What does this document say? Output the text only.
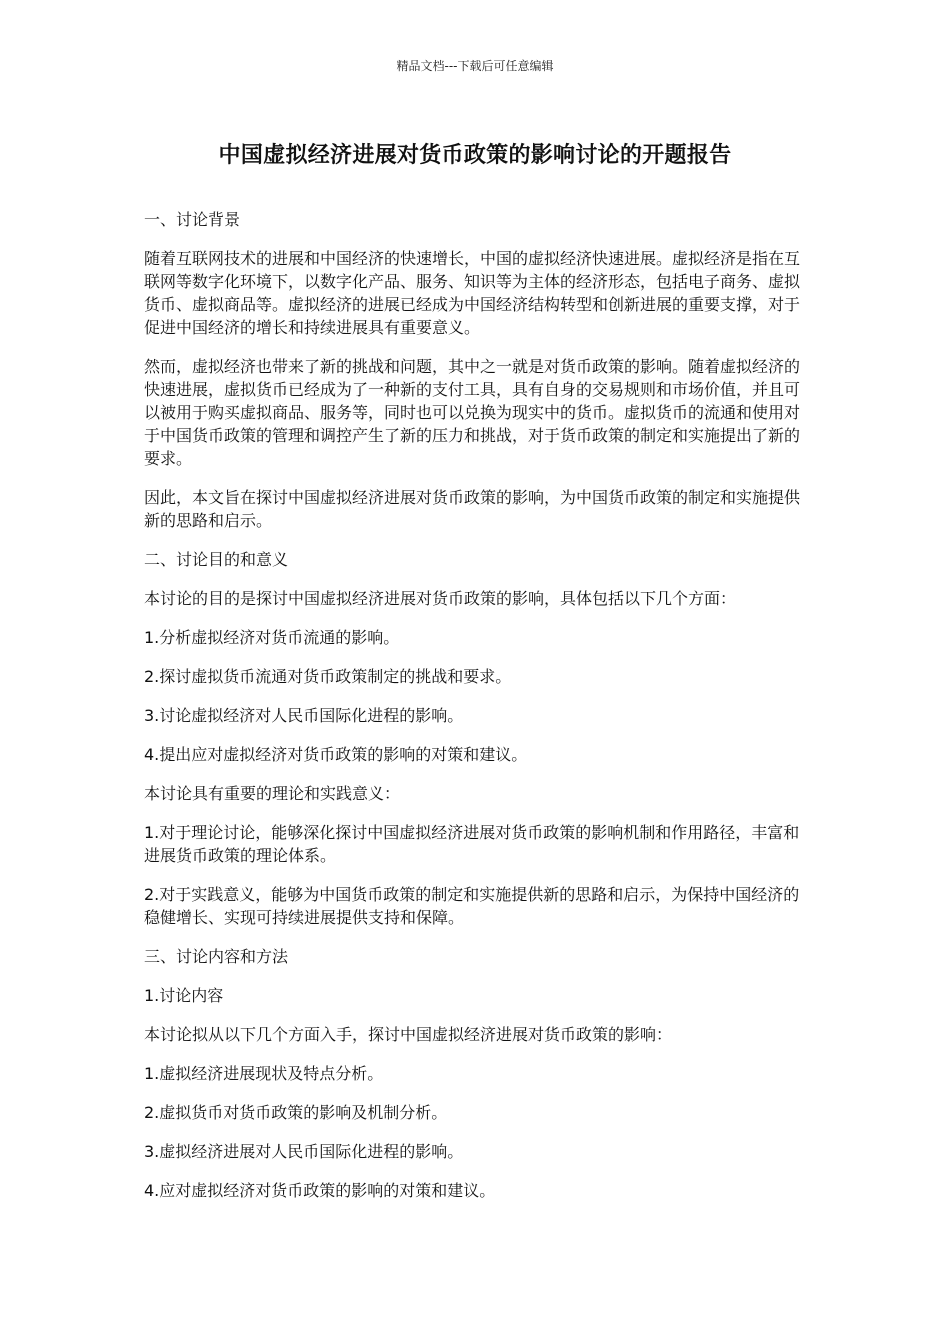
精品文档---下载后可任意编辑
中国虚拟经济进展对货币政策的影响讨论的开题报告

一、讨论背景

随着互联网技术的进展和中国经济的快速增长，中国的虚拟经济快速进展。虚拟经济是指在互联网等数字化环境下，以数字化产品、服务、知识等为主体的经济形态，包括电子商务、虚拟货币、虚拟商品等。虚拟经济的进展已经成为中国经济结构转型和创新进展的重要支撑，对于促进中国经济的增长和持续进展具有重要意义。

然而，虚拟经济也带来了新的挑战和问题，其中之一就是对货币政策的影响。随着虚拟经济的快速进展，虚拟货币已经成为了一种新的支付工具，具有自身的交易规则和市场价值，并且可以被用于购买虚拟商品、服务等，同时也可以兑换为现实中的货币。虚拟货币的流通和使用对于中国货币政策的管理和调控产生了新的压力和挑战，对于货币政策的制定和实施提出了新的要求。

因此，本文旨在探讨中国虚拟经济进展对货币政策的影响，为中国货币政策的制定和实施提供新的思路和启示。

二、讨论目的和意义

本讨论的目的是探讨中国虚拟经济进展对货币政策的影响，具体包括以下几个方面：

1.分析虚拟经济对货币流通的影响。

2.探讨虚拟货币流通对货币政策制定的挑战和要求。

3.讨论虚拟经济对人民币国际化进程的影响。

4.提出应对虚拟经济对货币政策的影响的对策和建议。

本讨论具有重要的理论和实践意义：

1.对于理论讨论，能够深化探讨中国虚拟经济进展对货币政策的影响机制和作用路径，丰富和进展货币政策的理论体系。

2.对于实践意义，能够为中国货币政策的制定和实施提供新的思路和启示，为保持中国经济的稳健增长、实现可持续进展提供支持和保障。

三、讨论内容和方法

1.讨论内容

本讨论拟从以下几个方面入手，探讨中国虚拟经济进展对货币政策的影响：

1.虚拟经济进展现状及特点分析。

2.虚拟货币对货币政策的影响及机制分析。

3.虚拟经济进展对人民币国际化进程的影响。

4.应对虚拟经济对货币政策的影响的对策和建议。
